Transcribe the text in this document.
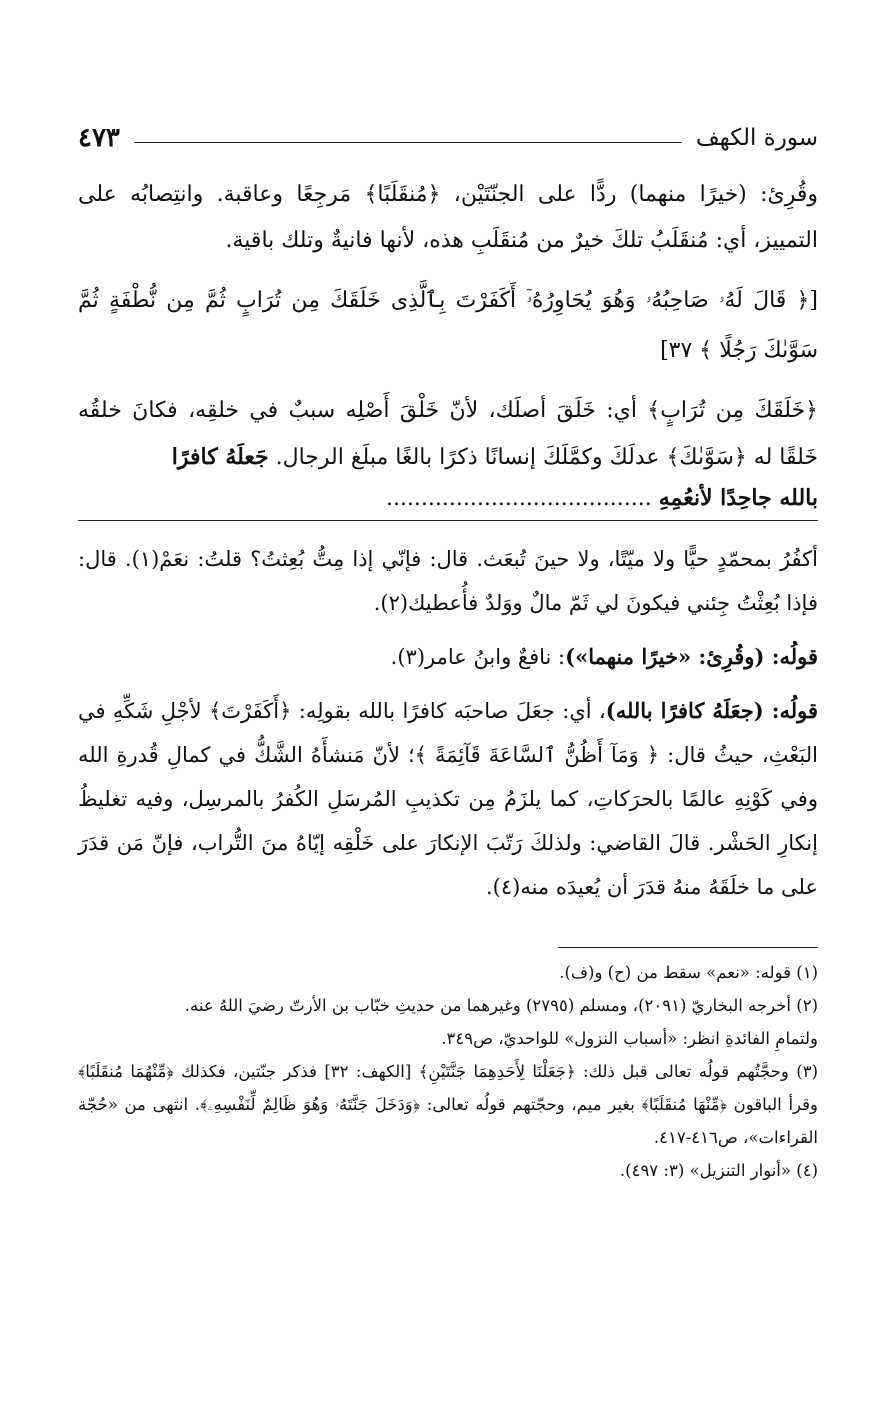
سورة الكهف
٤٧٣

وقُرِئ: (خيرًا منهما) ردًّا على الجنّتَيْن، ﴿مُنقَلَبًا﴾ مَرجِعًا وعاقبة. وانتِصابُه على التمييز، أي: مُنقَلَبُ تلكَ خيرٌ من مُنقَلَبِ هذه، لأنها فانيةٌ وتلك باقية.

[﴿ قَالَ لَهُۥ صَاحِبُهُۥ وَهُوَ يُحَاوِرُهُۥٓ أَكَفَرْتَ بِٱلَّذِى خَلَقَكَ مِن تُرَابٍ ثُمَّ مِن نُّطْفَةٍ ثُمَّ سَوَّىٰكَ رَجُلًا ﴾ ٣٧]

﴿خَلَقَكَ مِن تُرَابٍ﴾ أي: خَلَقَ أصلَك، لأنّ خَلْقَ أَصْلِه سببٌ في خلقِه، فكانَ خلقُه خَلقًا له ﴿سَوَّىٰكَ﴾ عدلَكَ وكمَّلَكَ إنسانًا ذكرًا بالغًا مبلَغ الرجال. جَعلَهُ كافرًا

بالله جاحِدًا لأنعُمِهِ ......................................

أكفُرُ بمحمّدٍ حيًّا ولا ميّتًا، ولا حينَ تُبعَث. قال: فإنّي إذا مِتُّ بُعِثتُ؟ قلتُ: نعَمْ(١). قال: فإذا بُعِثْتُ جِئني فيكونَ لي ثَمّ مالٌ ووَلدٌ فأُعطيك(٢).

قولُه: (وقُرِئ: «خيرًا منهما»): نافعٌ وابنُ عامر(٣).

قولُه: (جعَلَهُ كافرًا بالله)، أي: جعَلَ صاحبَه كافرًا بالله بقولِه: ﴿أَكَفَرْتَ﴾ لأجْلِ شَكِّهِ في البَعْثِ، حيثُ قال: ﴿ وَمَآ أَظُنُّ ٱلسَّاعَةَ قَآئِمَةً ﴾؛ لأنّ مَنشأَهُ الشَّكُّ في كمالِ قُدرةِ الله وفي كَوْنِهِ عالمًا بالحرَكاتِ، كما يلزَمُ مِن تكذيبِ المُرسَلِ الكُفرُ بالمرسِل، وفيه تغليظُ إنكارِ الحَشْر. قالَ القاضي: ولذلكَ رَتّبَ الإنكارَ على خَلْقِه إيّاهُ منَ التُّراب، فإنّ مَن قدَرَ على ما خلَقَهُ منهُ قدَرَ أن يُعيدَه منه(٤).

(١) قوله: «نعم» سقط من (ح) و(ف).

(٢) أخرجه البخاريّ (٢٠٩١)، ومسلم (٢٧٩٥) وغيرهما من حديثِ خبّاب بن الأرتّ رضيَ اللهُ عنه.

ولتمامِ الفائدةِ انظر: «أسباب النزول» للواحديّ، ص٣٤٩.

(٣) وحجَّتُهم قولُه تعالى قبل ذلك: ﴿جَعَلْنَا لِأَحَدِهِمَا جَنَّتَيْنِ﴾ [الكهف: ٣٢] فذكر جنّتين، فكذلك ﴿مِّنْهُمَا مُنقَلَبًا﴾ وقرأ الباقون ﴿مِّنْهَا مُنقَلَبًا﴾ بغير ميم، وحجّتهم قولُه تعالى: ﴿وَدَخَلَ جَنَّتَهُۥ وَهُوَ ظَالِمٌ لِّنَفْسِهِۦ﴾. انتهى من «حُجّة القراءات»، ص٤١٦-٤١٧.

(٤) «أنوار التنزيل» (٣: ٤٩٧).
